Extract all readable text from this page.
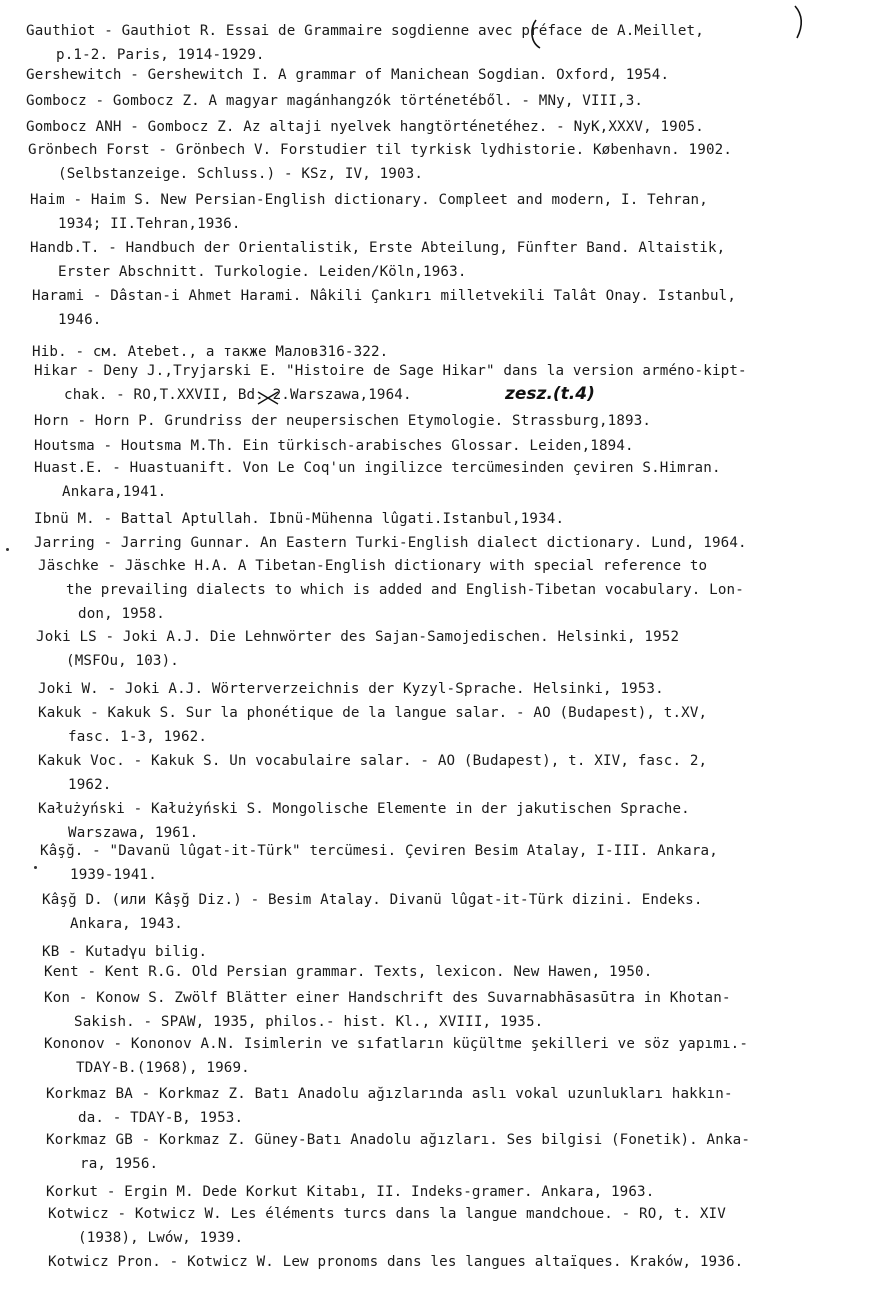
Gauthiot - Gauthiot R. Essai de Grammaire sogdienne avec préface de A.Meillet,
p.1-2. Paris, 1914-1929.
Gershewitch - Gershewitch I. A grammar of Manichean Sogdian. Oxford, 1954.
Gombocz - Gombocz Z. A magyar magánhangzók történetéből. - MNy, VIII,3.
Gombocz ANH - Gombocz Z. Az altaji nyelvek hangtörténetéhez. - NyK,XXXV, 1905.
Grönbech Forst - Grönbech V. Forstudier til tyrkisk lydhistorie. København. 1902.
(Selbstanzeige. Schluss.) - KSz, IV, 1903.
Haim - Haim S. New Persian-English dictionary. Compleet and modern, I. Tehran,
1934; II.Tehran,1936.
Handb.T. - Handbuch der Orientalistik, Erste Abteilung, Fünfter Band. Altaistik,
Erster Abschnitt. Turkologie. Leiden/Köln,1963.
Harami - Dâstan-i Ahmet Harami. Nâkili Çankırı milletvekili Talât Onay. Istanbul,
1946.
Hib. - см. Atebet., а также Малов316-322.
Hikar - Deny J.,Tryjarski E. "Histoire de Sage Hikar" dans la version arméno-kipt-
chak. - RO,T.XXVII, Bd. 2.Warszawa,1964.
Horn - Horn P. Grundriss der neupersischen Etymologie. Strassburg,1893.
Houtsma - Houtsma M.Th. Ein türkisch-arabisches Glossar. Leiden,1894.
Huast.E. - Huastuanift. Von Le Coq'un ingilizce tercümesinden çeviren S.Himran.
Ankara,1941.
Ibnü M. - Battal Aptullah. Ibnü-Mühenna lûgati.Istanbul,1934.
Jarring - Jarring Gunnar. An Eastern Turki-English dialect dictionary. Lund, 1964.
Jäschke - Jäschke H.A. A Tibetan-English dictionary with special reference to
the prevailing dialects to which is added and English-Tibetan vocabulary. Lon-
don, 1958.
Joki LS - Joki A.J. Die Lehnwörter des Sajan-Samojedischen. Helsinki, 1952
(MSFOu, 103).
Joki W. - Joki A.J. Wörterverzeichnis der Kyzyl-Sprache. Helsinki, 1953.
Kakuk - Kakuk S. Sur la phonétique de la langue salar. - AO (Budapest), t.XV,
fasc. 1-3, 1962.
Kakuk Voc. - Kakuk S. Un vocabulaire salar. - AO (Budapest), t. XIV, fasc. 2,
1962.
Kałużyński - Kałużyński S. Mongolische Elemente in der jakutischen Sprache.
Warszawa, 1961.
Kâşğ. - "Davanü lûgat-it-Türk" tercümesi. Çeviren Besim Atalay, I-III. Ankara,
1939-1941.
Kâşğ D. (или Kâşğ Diz.) - Besim Atalay. Divanü lûgat-it-Türk dizini. Endeks.
Ankara, 1943.
KB - Kutadγu bilig.
Kent - Kent R.G. Old Persian grammar. Texts, lexicon. New Hawen, 1950.
Kon - Konow S. Zwölf Blätter einer Handschrift des Suvarnabhāsasūtra in Khotan-
Sakish. - SPAW, 1935, philos.- hist. Kl., XVIII, 1935.
Kononov - Kononov A.N. Isimlerin ve sıfatların küçültme şekilleri ve söz yapımı.-
TDAY-B.(1968), 1969.
Korkmaz BA - Korkmaz Z. Batı Anadolu ağızlarında aslı vokal uzunlukları hakkın-
da. - TDAY-B, 1953.
Korkmaz GB - Korkmaz Z. Güney-Batı Anadolu ağızları. Ses bilgisi (Fonetik). Anka-
ra, 1956.
Korkut - Ergin M. Dede Korkut Kitabı, II. Indeks-gramer. Ankara, 1963.
Kotwicz - Kotwicz W. Les éléments turcs dans la langue mandchoue. - RO, t. XIV
(1938), Lwów, 1939.
Kotwicz Pron. - Kotwicz W. Lew pronoms dans les langues altaïques. Kraków, 1936.
zesz.(t.4)
